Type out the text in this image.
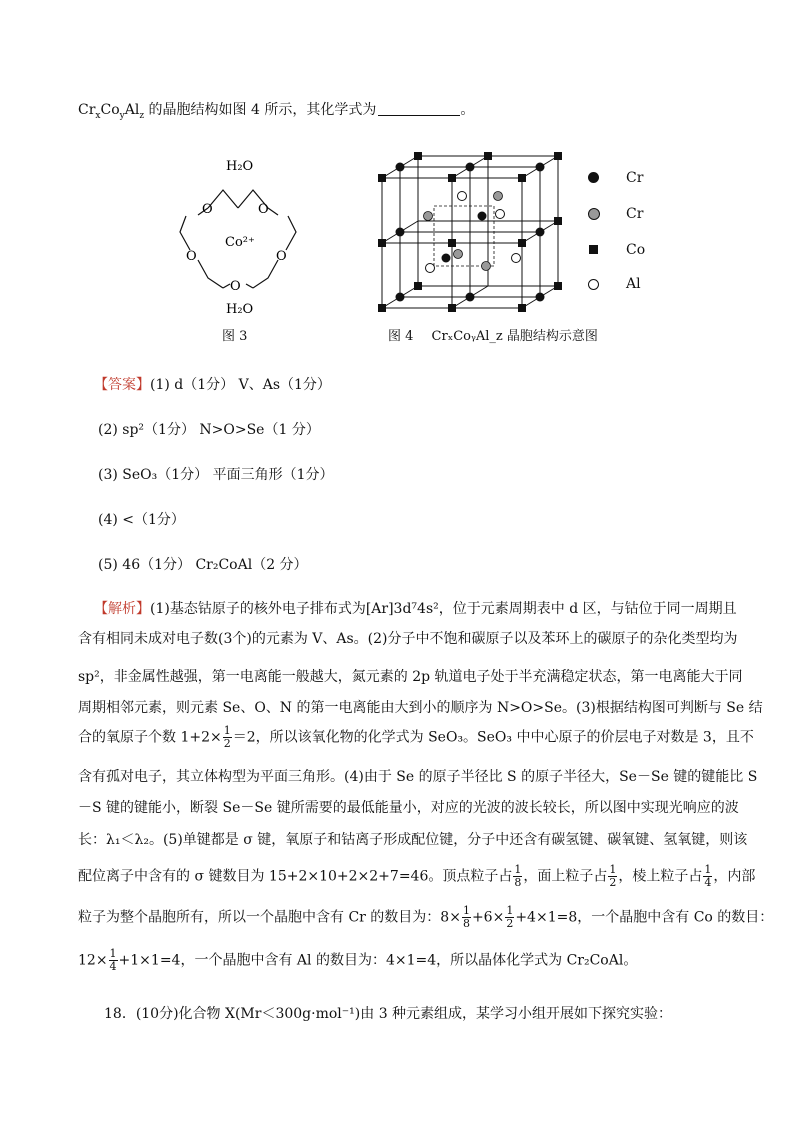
$Cr_xCo_yAl_z$ 的晶胞结构如图 4 所示，其化学式为	。
H₂O
H₂O
Co²⁺
O	O
O	O
O
图 3
Cr
Cr
Co
Al
图 4 CrₓCoᵧAl_z 晶胞结构示意图
【答案】(1) d（1分） V、As（1分）
(2) sp²（1分） N>O>Se（1 分）
(3) SeO₃（1分） 平面三角形（1分）
(4) <（1分）
(5) 46（1分） Cr₂CoAl（2 分）
【解析】(1)基态钴原子的核外电子排布式为[Ar]3d⁷4s²，位于元素周期表中 d 区，与钴位于同一周期且
含有相同未成对电子数(3个)的元素为 V、As。(2)分子中不饱和碳原子以及苯环上的碳原子的杂化类型均为
sp²，非金属性越强，第一电离能一般越大，氮元素的 2p 轨道电子处于半充满稳定状态，第一电离能大于同
周期相邻元素，则元素 Se、O、N 的第一电离能由大到小的顺序为 N>O>Se。(3)根据结构图可判断与 Se 结
合的氧原子个数 $1+2\times \frac{1}{2} =2$，所以该氧化物的化学式为 SeO₃。SeO₃ 中中心原子的价层电子对数是 3，且不
含有孤对电子，其立体构型为平面三角形。(4)由于 Se 的原子半径比 S 的原子半径大，Se－Se 键的键能比 S
－S 键的键能小，断裂 Se－Se 键所需要的最低能量小，对应的光波的波长较长，所以图中实现光响应的波
长：λ₁＜λ₂。(5)单键都是 σ 键，氧原子和钴离子形成配位键，分子中还含有碳氢键、碳氧键、氢氧键，则该
配位离子中含有的 σ 键数目为 15+2×10+2×2+7=46。顶点粒子占 $\frac{1}{8}$ ，面上粒子占 $\frac{1}{2}$ ，棱上粒子占 $\frac{1}{4}$ ，内部
粒子为整个晶胞所有，所以一个晶胞中含有 Cr 的数目为：$8\times \frac{1}{8} +6\times \frac{1}{2} +4\times 1=8$，一个晶胞中含有 Co 的数目：
$12\times \frac{1}{4} +1\times 1=4$，一个晶胞中含有 Al 的数目为：4×1=4，所以晶体化学式为 Cr₂CoAl。
18．(10分)化合物 X(Mr＜300g·mol⁻¹)由 3 种元素组成，某学习小组开展如下探究实验：
